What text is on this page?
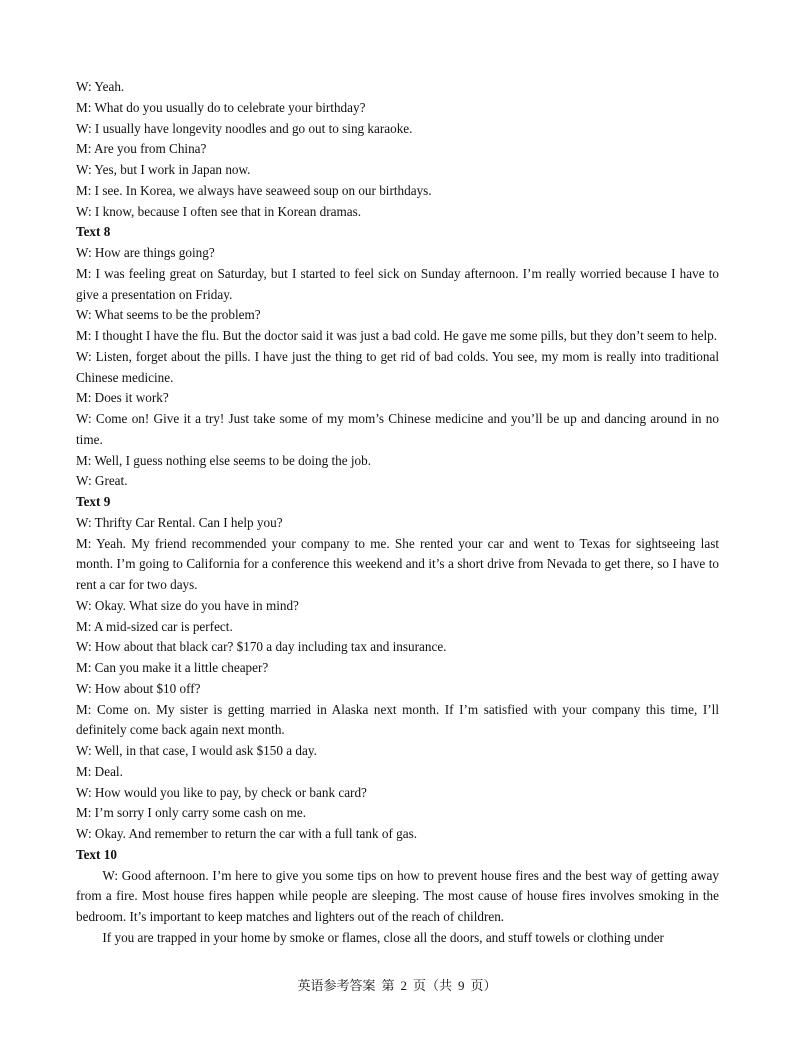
W: Yeah.

M: What do you usually do to celebrate your birthday?

W: I usually have longevity noodles and go out to sing karaoke.

M: Are you from China?

W: Yes, but I work in Japan now.

M: I see. In Korea, we always have seaweed soup on our birthdays.

W: I know, because I often see that in Korean dramas.

Text 8

W: How are things going?

M: I was feeling great on Saturday, but I started to feel sick on Sunday afternoon. I’m really worried because I have to give a presentation on Friday.

W: What seems to be the problem?

M: I thought I have the flu. But the doctor said it was just a bad cold. He gave me some pills, but they don’t seem to help.

W: Listen, forget about the pills. I have just the thing to get rid of bad colds. You see, my mom is really into traditional Chinese medicine.

M: Does it work?

W: Come on! Give it a try! Just take some of my mom’s Chinese medicine and you’ll be up and dancing around in no time.

M: Well, I guess nothing else seems to be doing the job.

W: Great.

Text 9

W: Thrifty Car Rental. Can I help you?

M: Yeah. My friend recommended your company to me. She rented your car and went to Texas for sightseeing last month. I’m going to California for a conference this weekend and it’s a short drive from Nevada to get there, so I have to rent a car for two days.

W: Okay. What size do you have in mind?

M: A mid-sized car is perfect.

W: How about that black car? $170 a day including tax and insurance.

M: Can you make it a little cheaper?

W: How about $10 off?

M: Come on. My sister is getting married in Alaska next month. If I’m satisfied with your company this time, I’ll definitely come back again next month.

W: Well, in that case, I would ask $150 a day.

M: Deal.

W: How would you like to pay, by check or bank card?

M: I’m sorry I only carry some cash on me.

W: Okay. And remember to return the car with a full tank of gas.

Text 10

W: Good afternoon. I’m here to give you some tips on how to prevent house fires and the best way of getting away from a fire. Most house fires happen while people are sleeping. The most cause of house fires involves smoking in the bedroom. It’s important to keep matches and lighters out of the reach of children.

If you are trapped in your home by smoke or flames, close all the doors, and stuff towels or clothing under

英语参考答案 第 2 页（共 9 页）
